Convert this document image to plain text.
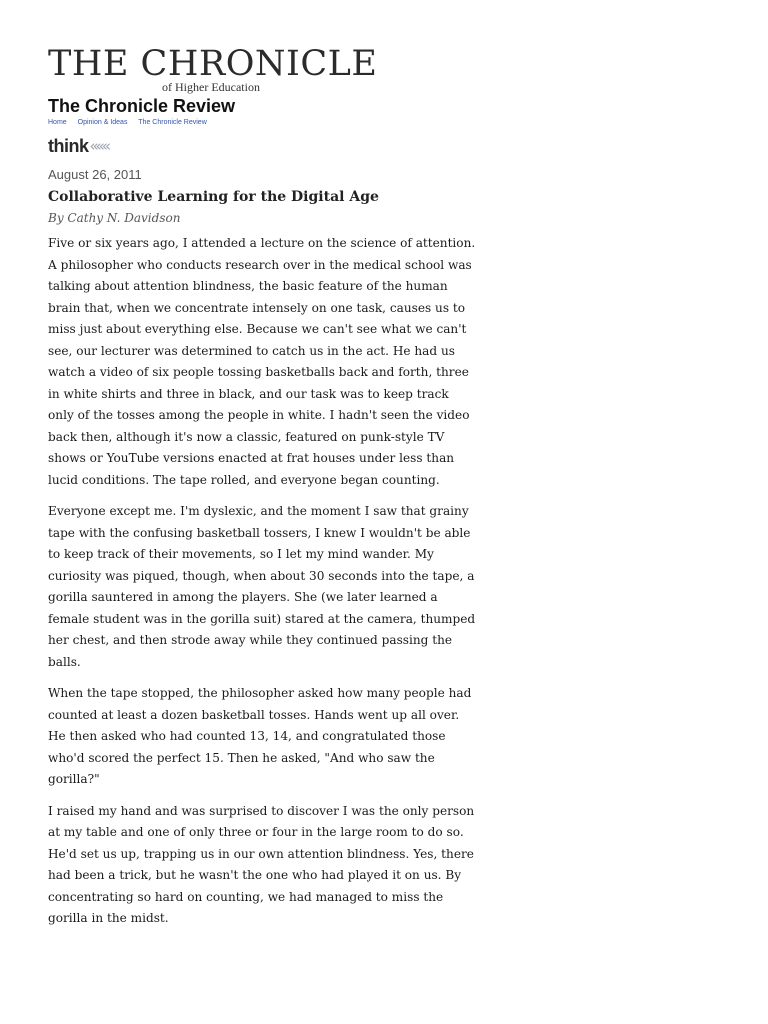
THE CHRONICLE
of Higher Education
The Chronicle Review
Home Opinion & Ideas The Chronicle Review
think «««
August 26, 2011
Collaborative Learning for the Digital Age
By Cathy N. Davidson

Five or six years ago, I attended a lecture on the science of attention. A philosopher who conducts research over in the medical school was talking about attention blindness, the basic feature of the human brain that, when we concentrate intensely on one task, causes us to miss just about everything else. Because we can't see what we can't see, our lecturer was determined to catch us in the act. He had us watch a video of six people tossing basketballs back and forth, three in white shirts and three in black, and our task was to keep track only of the tosses among the people in white. I hadn't seen the video back then, although it's now a classic, featured on punk-style TV shows or YouTube versions enacted at frat houses under less than lucid conditions. The tape rolled, and everyone began counting.

Everyone except me. I'm dyslexic, and the moment I saw that grainy tape with the confusing basketball tossers, I knew I wouldn't be able to keep track of their movements, so I let my mind wander. My curiosity was piqued, though, when about 30 seconds into the tape, a gorilla sauntered in among the players. She (we later learned a female student was in the gorilla suit) stared at the camera, thumped her chest, and then strode away while they continued passing the balls.

When the tape stopped, the philosopher asked how many people had counted at least a dozen basketball tosses. Hands went up all over. He then asked who had counted 13, 14, and congratulated those who'd scored the perfect 15. Then he asked, "And who saw the gorilla?"

I raised my hand and was surprised to discover I was the only person at my table and one of only three or four in the large room to do so. He'd set us up, trapping us in our own attention blindness. Yes, there had been a trick, but he wasn't the one who had played it on us. By concentrating so hard on counting, we had managed to miss the gorilla in the midst.
